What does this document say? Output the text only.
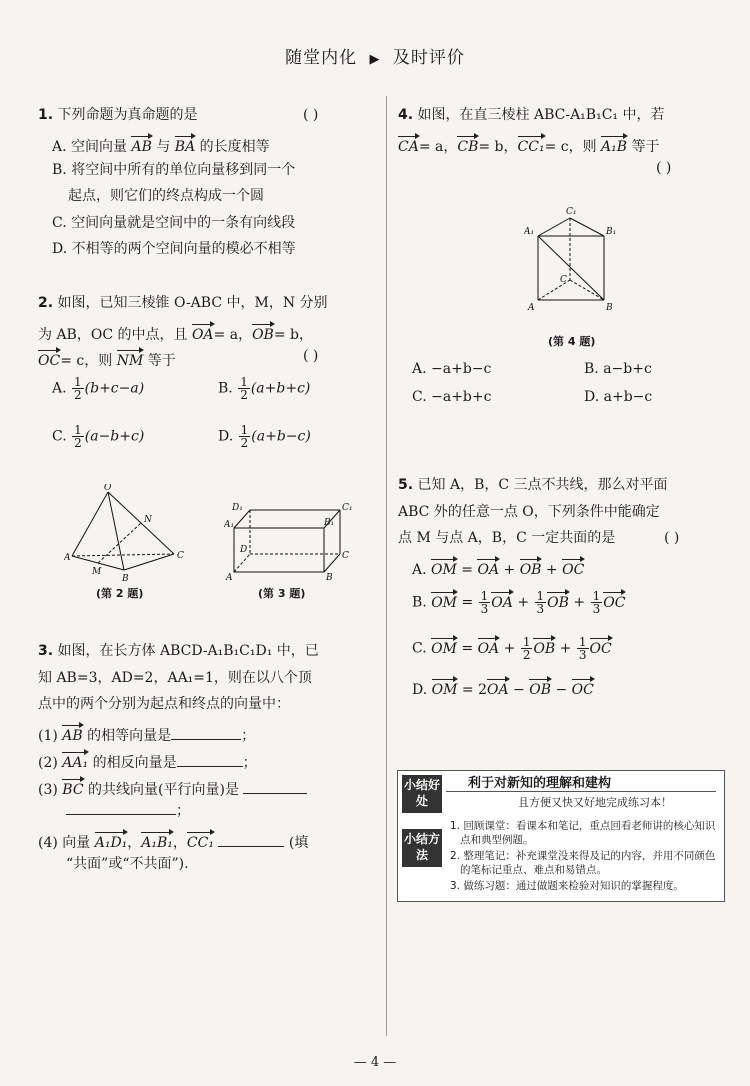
随堂内化 ▶ 及时评价
1. 下列命题为真命题的是	( )
A. 空间向量 AB 与 BA 的长度相等
B. 将空间中所有的单位向量移到同一个
起点，则它们的终点构成一个圆
C. 空间向量就是空间中的一条有向线段
D. 不相等的两个空间向量的模必不相等
2. 如图，已知三棱锥 O-ABC 中，M，N 分别
为 AB，OC 的中点，且 OA= a，OB= b，
OC= c，则 NM 等于	( )
A. $\frac{1}{2} (b+c-a)$	B. $\frac{1}{2} (a+b+c)$
C. $\frac{1}{2} (a-b+c)$	D. $\frac{1}{2} (a+b-c)$
O
A
B
C
M
N
(第 2 题)
D₁	C₁
B₁
A₁
D
C
A	B
(第 3 题)
3. 如图，在长方体 ABCD-A₁B₁C₁D₁ 中，已
知 AB=3，AD=2，AA₁=1，则在以八个顶
点中的两个分别为起点和终点的向量中：
(1) AB 的相等向量是	；
(2) AA₁ 的相反向量是	；
(3) BC 的共线向量(平行向量)是
；
(4) 向量 A₁D₁，A₁B₁，CC₁	(填
“共面”或“不共面”).
4. 如图，在直三棱柱 ABC-A₁B₁C₁ 中，若
CA= a，CB= b，CC₁= c，则 A₁B 等于
( )
C₁
A₁	B₁
C
A	B
(第 4 题)
A. −a+b−c	B. a−b+c
C. −a+b+c	D. a+b−c
5. 已知 A，B，C 三点不共线，那么对平面
ABC 外的任意一点 O，下列条件中能确定
点 M 与点 A，B，C 一定共面的是	( )
A. OM = OA + OB + OC
B. OM = $\frac{1}{3}$ OA + $\frac{1}{3}$ OB + $\frac{1}{3}$ OC
C. OM = OA + $\frac{1}{2}$ OB + $\frac{1}{3}$ OC
D. OM = 2OA − OB − OC
小结好处
利于对新知的理解和建构
且方便又快又好地完成练习本！
小结方法
1. 回顾课堂：看课本和笔记，重点回看老师讲的核心知识
点和典型例题。
2. 整理笔记：补充课堂没来得及记的内容，并用不同颜色
的笔标记重点、难点和易错点。
3. 做练习题：通过做题来检验对知识的掌握程度。
— 4 —
